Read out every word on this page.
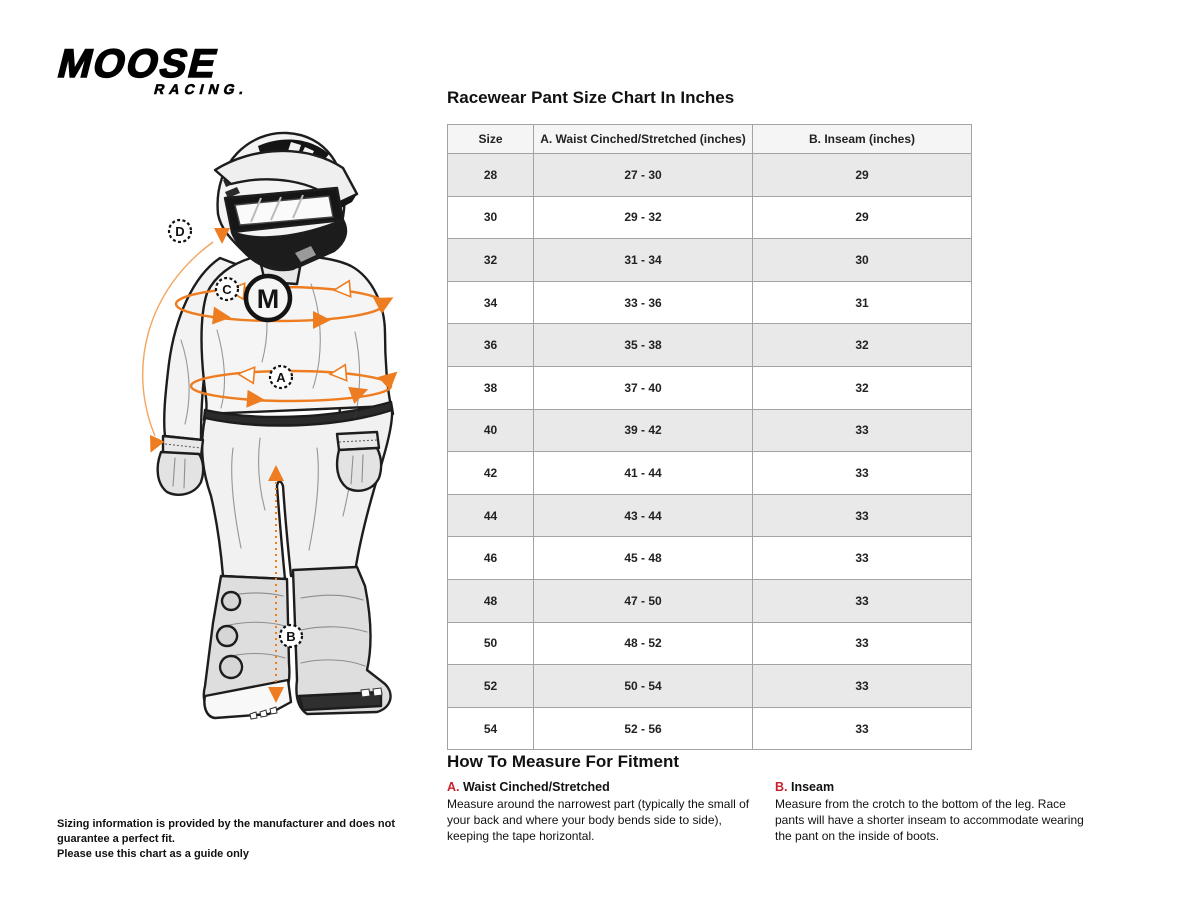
MOOSE
RACING.
M
D
C
A
B
Racewear Pant Size Chart In Inches
Size	A. Waist Cinched/Stretched (inches)	B. Inseam (inches)
28	27 - 30	29
30	29 - 32	29
32	31 - 34	30
34	33 - 36	31
36	35 - 38	32
38	37 - 40	32
40	39 - 42	33
42	41 - 44	33
44	43 - 44	33
46	45 - 48	33
48	47 - 50	33
50	48 - 52	33
52	50 - 54	33
54	52 - 56	33
How To Measure For Fitment

A. Waist Cinched/Stretched

Measure around the narrowest part (typically the small of your back and where your body bends side to side), keeping the tape horizontal.

B. Inseam

Measure from the crotch to the bottom of the leg. Race pants will have a shorter inseam to accommodate wearing the pant on the inside of boots.

Sizing information is provided by the manufacturer and does not guarantee a perfect fit.
Please use this chart as a guide only
